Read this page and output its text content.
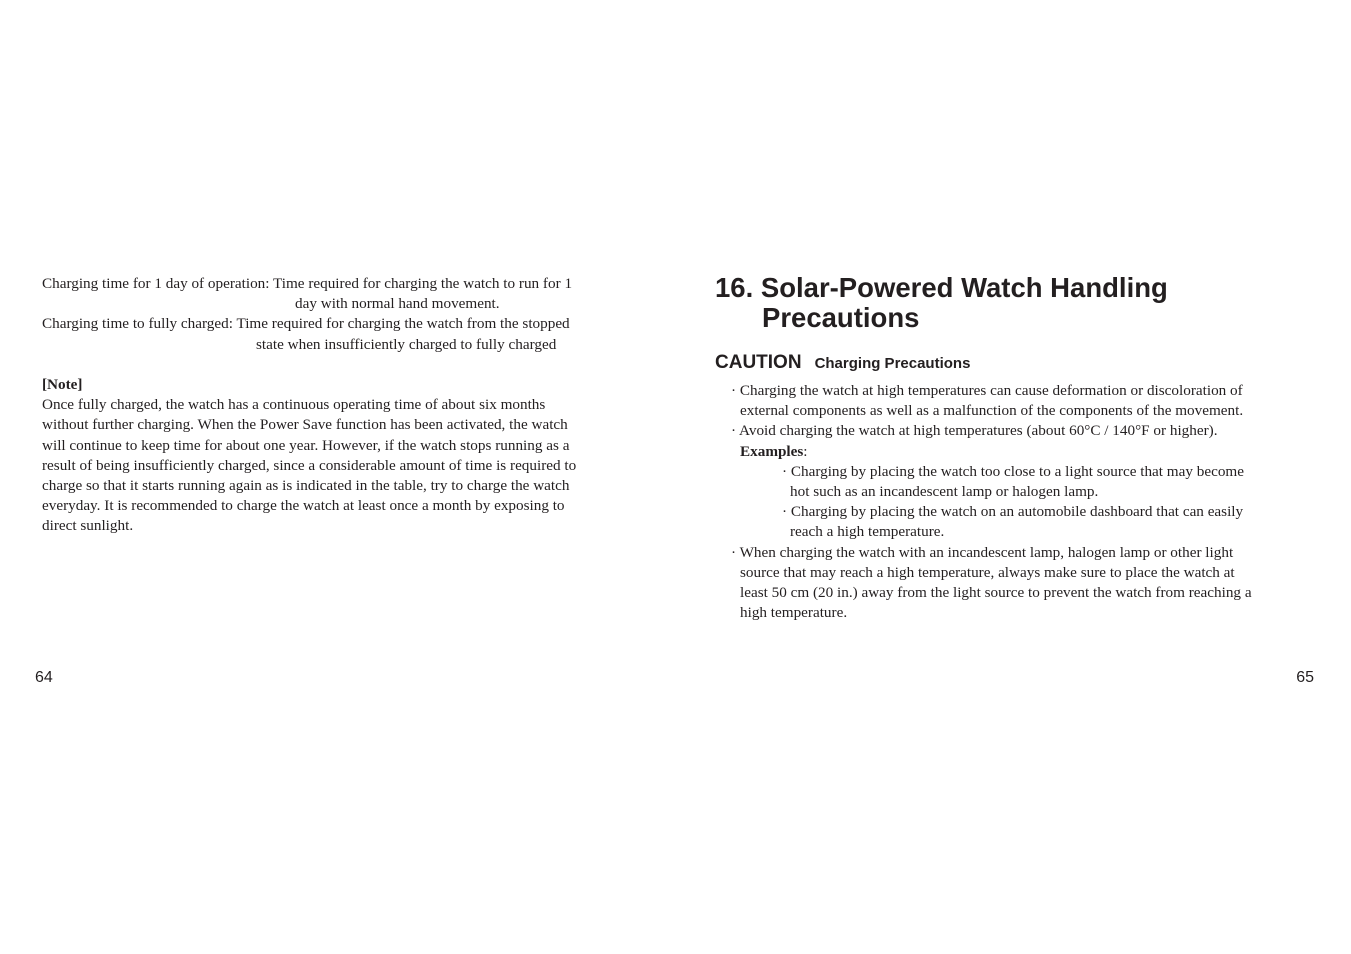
Charging time for 1 day of operation: Time required for charging the watch to run for 1
day with normal hand movement.
Charging time to fully charged: Time required for charging the watch from the stopped
state when insufficiently charged to fully charged
[Note]
Once fully charged, the watch has a continuous operating time of about six months
without further charging. When the Power Save function has been activated, the watch
will continue to keep time for about one year. However, if the watch stops running as a
result of being insufficiently charged, since a considerable amount of time is required to
charge so that it starts running again as is indicated in the table, try to charge the watch
everyday. It is recommended to charge the watch at least once a month by exposing to
direct sunlight.
64
16. Solar-Powered Watch Handling
Precautions
CAUTION Charging Precautions
· Charging the watch at high temperatures can cause deformation or discoloration of
external components as well as a malfunction of the components of the movement.
· Avoid charging the watch at high temperatures (about 60°C / 140°F or higher).
Examples:
· Charging by placing the watch too close to a light source that may become
hot such as an incandescent lamp or halogen lamp.
· Charging by placing the watch on an automobile dashboard that can easily
reach a high temperature.
· When charging the watch with an incandescent lamp, halogen lamp or other light
source that may reach a high temperature, always make sure to place the watch at
least 50 cm (20 in.) away from the light source to prevent the watch from reaching a
high temperature.
65
